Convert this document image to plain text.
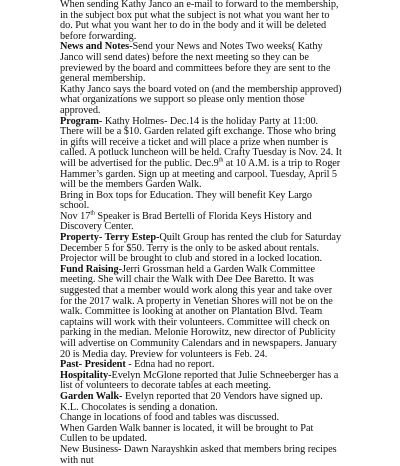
When sending Kathy Janco an e-mail to forward to the membership, in the subject box put what the subject is not what you want her to do. Put what you want her to do in the body and it will be deleted before forwarding.

News and Notes-Send your News and Notes Two weeks( Kathy Janco will send dates) before the next meeting so they can be previewed by the board and committees before they are sent to the general membership.

Kathy Janco says the board voted on (and the membership approved) what organizations we support so please only mention those approved.

Program- Kathy Holmes- Dec.14 is the holiday Party at 11:00. There will be a $10. Garden related gift exchange. Those who bring in gifts will receive a ticket and will place a prize when number is called. A potluck luncheon will be held. Crafty Tuesday is Nov. 24. It will be advertised for the public. Dec.9th at 10 A.M. is a trip to Roger Hammer’s garden. Sign up at meeting and carpool. Tuesday, April 5 will be the members Garden Walk.

Bring in Box tops for Education. They will benefit Key Largo school.

Nov 17th Speaker is Brad Bertelli of Florida Keys History and Discovery Center.

Property- Terry Estep-Quilt Group has rented the club for Saturday December 5 for $50. Terry is the only to be asked about rentals.

Projector will be brought to club and stored in a locked location.

Fund Raising-Jerri Grossman held a Garden Walk Committee meeting. She will chair the Walk with Dee Dee Baretto. It was suggested that a member would work along this year and take over for the 2017 walk. A property in Venetian Shores will not be on the walk. Committee is looking at another on Plantation Blvd. Team captains will work with their volunteers. Committee will check on parking in the median. Melonie Horowitz, new director of Publicity will advertise on Community Calendars and in newspapers. January 20 is Media day. Preview for volunteers is Feb. 24.

Past- President - Edna had no report.

Hospitality-Evelyn McGlone reported that Julie Schneeberger has a list of volunteers to decorate tables at each meeting.

Garden Walk- Evelyn reported that 20 Vendors have signed up.

K.L. Chocolates is sending a donation.

Change in locations of food and tables was discussed.

When Garden Walk banner is located, it will be brought to Pat Cullen to be updated.

New Business- Dawn Narayshkin asked that members bring recipes with nut
